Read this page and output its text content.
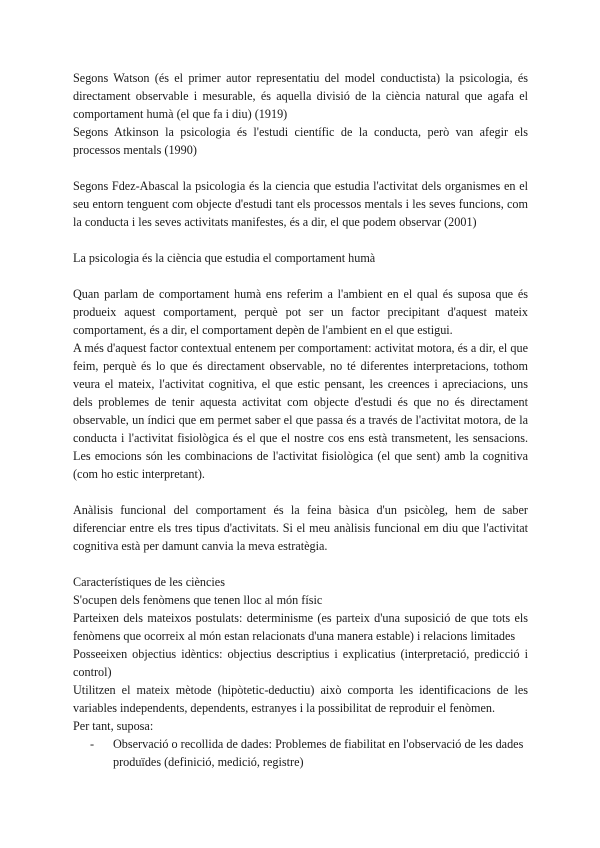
Segons Watson (és el primer autor representatiu del model conductista) la psicologia, és directament observable i mesurable, és aquella divisió de la ciència natural que agafa el comportament humà (el que fa i diu) (1919)

Segons Atkinson la psicologia és l'estudi científic de la conducta, però van afegir els processos mentals (1990)

Segons Fdez-Abascal la psicologia és la ciencia que estudia l'activitat dels organismes en el seu entorn tenguent com objecte d'estudi tant els processos mentals i les seves funcions, com la conducta i les seves activitats manifestes, és a dir, el que podem observar (2001)

La psicologia és la ciència que estudia el comportament humà

Quan parlam de comportament humà ens referim a l'ambient en el qual és suposa que és produeix aquest comportament, perquè pot ser un factor precipitant d'aquest mateix comportament, és a dir, el comportament depèn de l'ambient en el que estigui.

A més d'aquest factor contextual entenem per comportament: activitat motora, és a dir, el que feim, perquè és lo que és directament observable, no té diferentes interpretacions, tothom veura el mateix, l'activitat cognitiva, el que estic pensant, les creences i apreciacions, uns dels problemes de tenir aquesta activitat com objecte d'estudi és que no és directament observable, un índici que em permet saber el que passa és a través de l'activitat motora, de la conducta i l'activitat fisiològica és el que el nostre cos ens està transmetent, les sensacions. Les emocions són les combinacions de l'activitat fisiològica (el que sent) amb la cognitiva (com ho estic interpretant).

Anàlisis funcional del comportament és la feina bàsica d'un psicòleg, hem de saber diferenciar entre els tres tipus d'activitats. Si el meu anàlisis funcional em diu que l'activitat cognitiva està per damunt canvia la meva estratègia.

Característiques de les ciències

S'ocupen dels fenòmens que tenen lloc al món físic

Parteixen dels mateixos postulats: determinisme (es parteix d'una suposició de que tots els fenòmens que ocorreix al món estan relacionats d'una manera estable) i relacions limitades

Posseeixen objectius idèntics: objectius descriptius i explicatius (interpretació, predicció i control)

Utilitzen el mateix mètode (hipòtetic-deductiu) això comporta les identificacions de les variables independents, dependents, estranyes i la possibilitat de reproduir el fenòmen.

Per tant, suposa:

-	Observació o recollida de dades: Problemes de fiabilitat en l'observació de les dades produïdes (definició, medició, registre)
